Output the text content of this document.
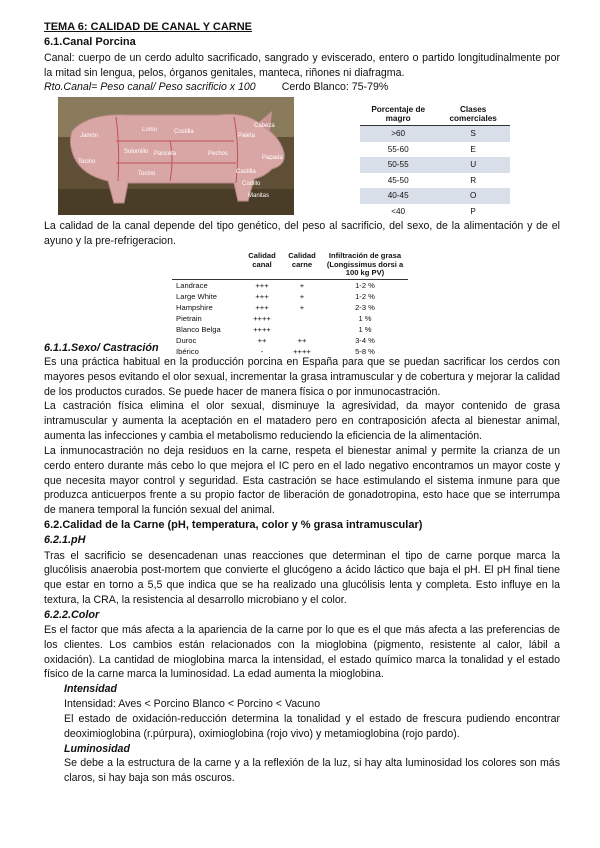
TEMA 6: CALIDAD DE CANAL Y CARNE
6.1.Canal Porcina

Canal: cuerpo de un cerdo adulto sacrificado, sangrado y eviscerado, entero o partido longitudinalmente por la mitad sin lengua, pelos, órganos genitales, manteca, riñones ni diafragma.

Rto.Canal= Peso canal/ Peso sacrificio x 100 Cerdo Blanco: 75-79%
Jamón
Lomo	Costilla
Paleta
Panceta	Pechos
Papada
Solomillo
Castilla
Codillo
Tocino
Tocino
Manitas
Cabeza
Porcentaje de magro	Clases comerciales
>60	S
55-60	E
50-55	U
45-50	R
40-45	O
<40	P

La calidad de la canal depende del tipo genético, del peso al sacrificio, del sexo, de la alimentación y de el ayuno y la pre-refrigeracion.

	Calidad canal	Calidad carne	Infiltración de grasa (Longissimus dorsi a 100 kg PV)
Landrace	+++	+	1-2 %
Large White	+++	+	1-2 %
Hampshire	+++	+	2-3 %
Pietrain	++++		1 %
Blanco Belga	++++		1 %
Duroc	++	++	3-4 %
Ibérico	-	++++	5-8 %
6.1.1.Sexo/ Castración

Es una práctica habitual en la producción porcina en España para que se puedan sacrificar los cerdos con mayores pesos evitando el olor sexual, incrementar la grasa intramuscular y de cobertura y mejorar la calidad de los productos curados. Se puede hacer de manera física o por inmunocastración.

La castración física elimina el olor sexual, disminuye la agresividad, da mayor contenido de grasa intramuscular y aumenta la aceptación en el matadero pero en contraposición afecta al bienestar animal, aumenta las infecciones y cambia el metabolismo reduciendo la eficiencia de la alimentación.

La inmunocastración no deja residuos en la carne, respeta el bienestar animal y permite la crianza de un cerdo entero durante más cebo lo que mejora el IC pero en el lado negativo encontramos un mayor coste y que necesita mayor control y seguridad. Esta castración se hace estimulando el sistema inmune para que produzca anticuerpos frente a su propio factor de liberación de gonadotropina, esto hace que se interrumpa de manera temporal la función sexual del animal.

6.2.Calidad de la Carne (pH, temperatura, color y % grasa intramuscular)
6.2.1.pH

Tras el sacrificio se desencadenan unas reacciones que determinan el tipo de carne porque marca la glucólisis anaerobia post-mortem que convierte el glucógeno a ácido láctico que baja el pH. El pH final tiene que estar en torno a 5,5 que indica que se ha realizado una glucólisis lenta y completa. Esto influye en la textura, la CRA, la resistencia al desarrollo microbiano y el color.

6.2.2.Color

Es el factor que más afecta a la apariencia de la carne por lo que es el que más afecta a las preferencias de los clientes. Los cambios están relacionados con la mioglobina (pigmento, resistente al calor, lábil a oxidación). La cantidad de mioglobina marca la intensidad, el estado químico marca la tonalidad y el estado físico de la carne marca la luminosidad. La edad aumenta la mioglobina.

Intensidad

Intensidad: Aves < Porcino Blanco < Porcino < Vacuno

El estado de oxidación-reducción determina la tonalidad y el estado de frescura pudiendo encontrar deoximioglobina (r.púrpura), oximioglobina (rojo vivo) y metamioglobina (rojo pardo).

Luminosidad

Se debe a la estructura de la carne y a la reflexión de la luz, si hay alta luminosidad los colores son más claros, si hay baja son más oscuros.
